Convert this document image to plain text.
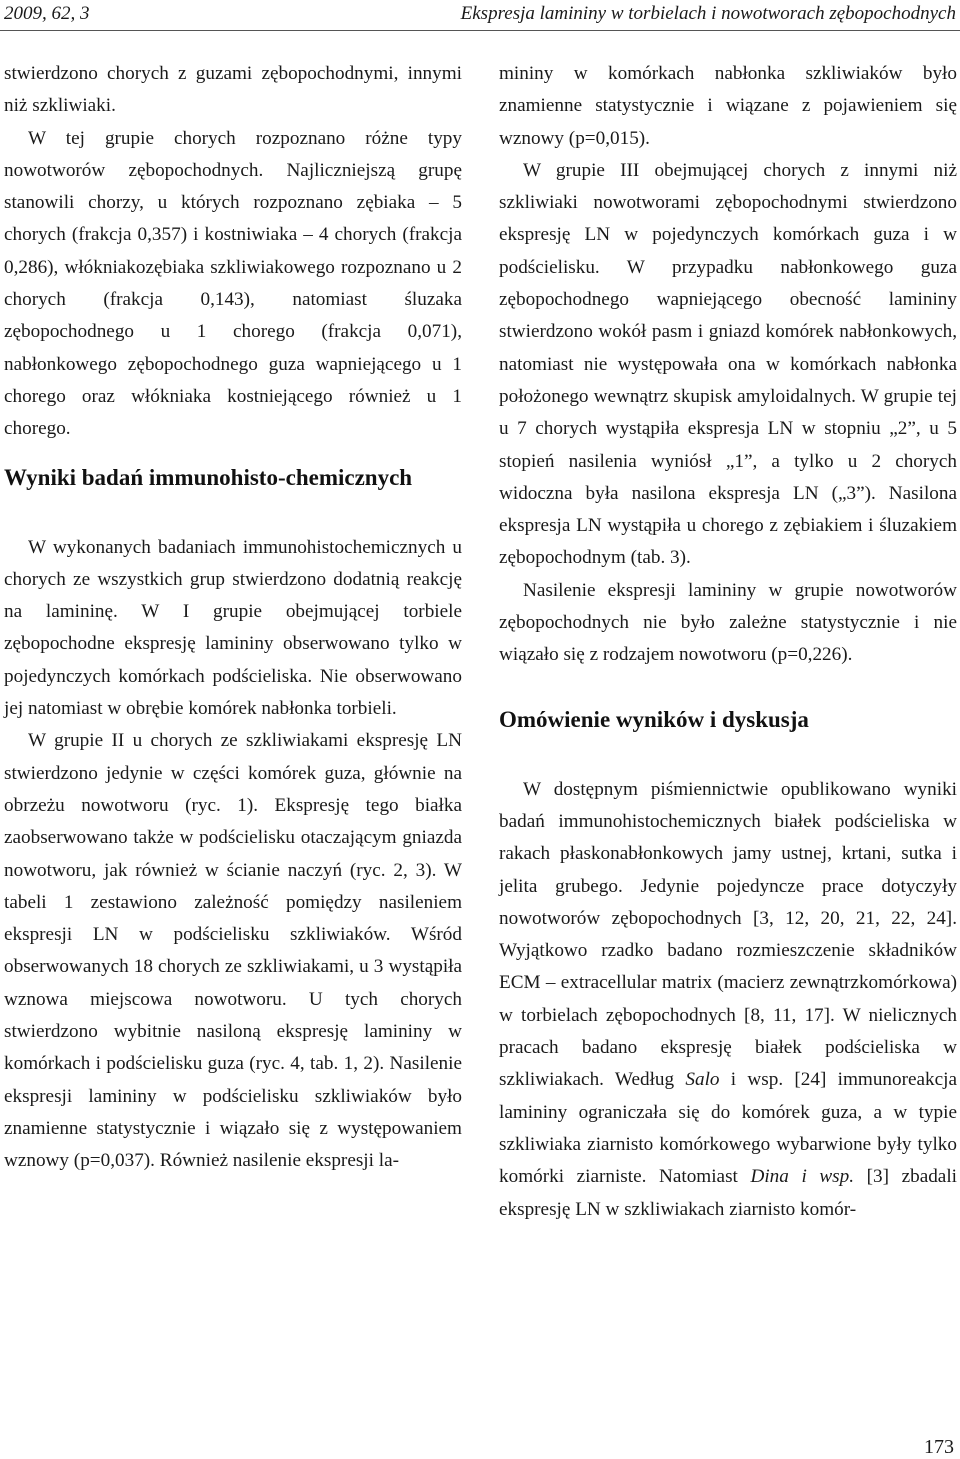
2009, 62, 3	Ekspresja lamininy w torbielach i nowotworach zębopochodnych

stwierdzono chorych z guzami zębopochodnymi, innymi niż szkliwiaki.

W tej grupie chorych rozpoznano różne typy nowotworów zębopochodnych. Najliczniejszą grupę stanowili chorzy, u których rozpoznano zębiaka – 5 chorych (frakcja 0,357) i kostniwiaka – 4 chorych (frakcja 0,286), włókniakozębiaka szkliwiakowego rozpoznano u 2 chorych (frakcja 0,143), natomiast śluzaka zębopochodnego u 1 chorego (frakcja 0,071), nabłonkowego zębopochodnego guza wapniejącego u 1 chorego oraz włókniaka kostniejącego również u 1 chorego.

Wyniki badań immunohisto-chemicznych

W wykonanych badaniach immunohistochemicznych u chorych ze wszystkich grup stwierdzono dodatnią reakcję na lamininę. W I grupie obejmującej torbiele zębopochodne ekspresję lamininy obserwowano tylko w pojedynczych komórkach podścieliska. Nie obserwowano jej natomiast w obrębie komórek nabłonka torbieli.

W grupie II u chorych ze szkliwiakami ekspresję LN stwierdzono jedynie w części komórek guza, głównie na obrzeżu nowotworu (ryc. 1). Ekspresję tego białka zaobserwowano także w podścielisku otaczającym gniazda nowotworu, jak również w ścianie naczyń (ryc. 2, 3). W tabeli 1 zestawiono zależność pomiędzy nasileniem ekspresji LN w podścielisku szkliwiaków. Wśród obserwowanych 18 chorych ze szkliwiakami, u 3 wystąpiła wznowa miejscowa nowotworu. U tych chorych stwierdzono wybitnie nasiloną ekspresję lamininy w komórkach i podścielisku guza (ryc. 4, tab. 1, 2). Nasilenie ekspresji lamininy w podścielisku szkliwiaków było znamienne statystycznie i wiązało się z występowaniem wznowy (p=0,037). Również nasilenie ekspresji la-

mininy w komórkach nabłonka szkliwiaków było znamienne statystycznie i wiązane z pojawieniem się wznowy (p=0,015).

W grupie III obejmującej chorych z innymi niż szkliwiaki nowotworami zębopochodnymi stwierdzono ekspresję LN w pojedynczych komórkach guza i w podścielisku. W przypadku nabłonkowego guza zębopochodnego wapniejącego obecność lamininy stwierdzono wokół pasm i gniazd komórek nabłonkowych, natomiast nie występowała ona w komórkach nabłonka położonego wewnątrz skupisk amyloidalnych. W grupie tej u 7 chorych wystąpiła ekspresja LN w stopniu „2”, u 5 stopień nasilenia wyniósł „1”, a tylko u 2 chorych widoczna była nasilona ekspresja LN („3”). Nasilona ekspresja LN wystąpiła u chorego z zębiakiem i śluzakiem zębopochodnym (tab. 3).

Nasilenie ekspresji lamininy w grupie nowotworów zębopochodnych nie było zależne statystycznie i nie wiązało się z rodzajem nowotworu (p=0,226).

Omówienie wyników i dyskusja

W dostępnym piśmiennictwie opublikowano wyniki badań immunohistochemicznych białek podścieliska w rakach płaskonabłonkowych jamy ustnej, krtani, sutka i jelita grubego. Jedynie pojedyncze prace dotyczyły nowotworów zębopochodnych [3, 12, 20, 21, 22, 24]. Wyjątkowo rzadko badano rozmieszczenie składników ECM – extracellular matrix (macierz zewnątrzkomórkowa) w torbielach zębopochodnych [8, 11, 17]. W nielicznych pracach badano ekspresję białek podścieliska w szkliwiakach. Według Salo i wsp. [24] immunoreakcja lamininy ograniczała się do komórek guza, a w typie szkliwiaka ziarnisto komórkowego wybarwione były tylko komórki ziarniste. Natomiast Dina i wsp. [3] zbadali ekspresję LN w szkliwiakach ziarnisto komór-

173
